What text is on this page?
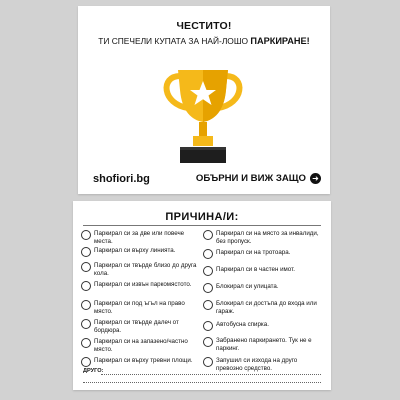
ЧЕСТИТО!
ТИ СПЕЧЕЛИ КУПАТА ЗА НАЙ-ЛОШО ПАРКИРАНЕ!
shofiori.bg	ОБЪРНИ И ВИЖ ЗАЩО ➜
ПРИЧИНА/И:
Паркирал си за две или повече места.
Паркирал си върху линията.
Паркирал си твърде близо до друга кола.
Паркирал си извън паркомястото.
Паркирал си под ъгъл на правo място.
Паркирал си твърде далеч от бордюра.
Паркирал си на запазено/частно място.
Паркирал си върху тревни площи.
Паркирал си на място за инвалиди, без пропуск.
Паркирал си на тротоара.
Паркирал си в частен имот.
Блокирал си улицата.
Блокирал си достъпа до входа или гараж.
Автобусна спирка.
Забранено паркирането. Тук не е паркинг.
Запушил си изхода на друго превозно средство.
ДРУГО:
